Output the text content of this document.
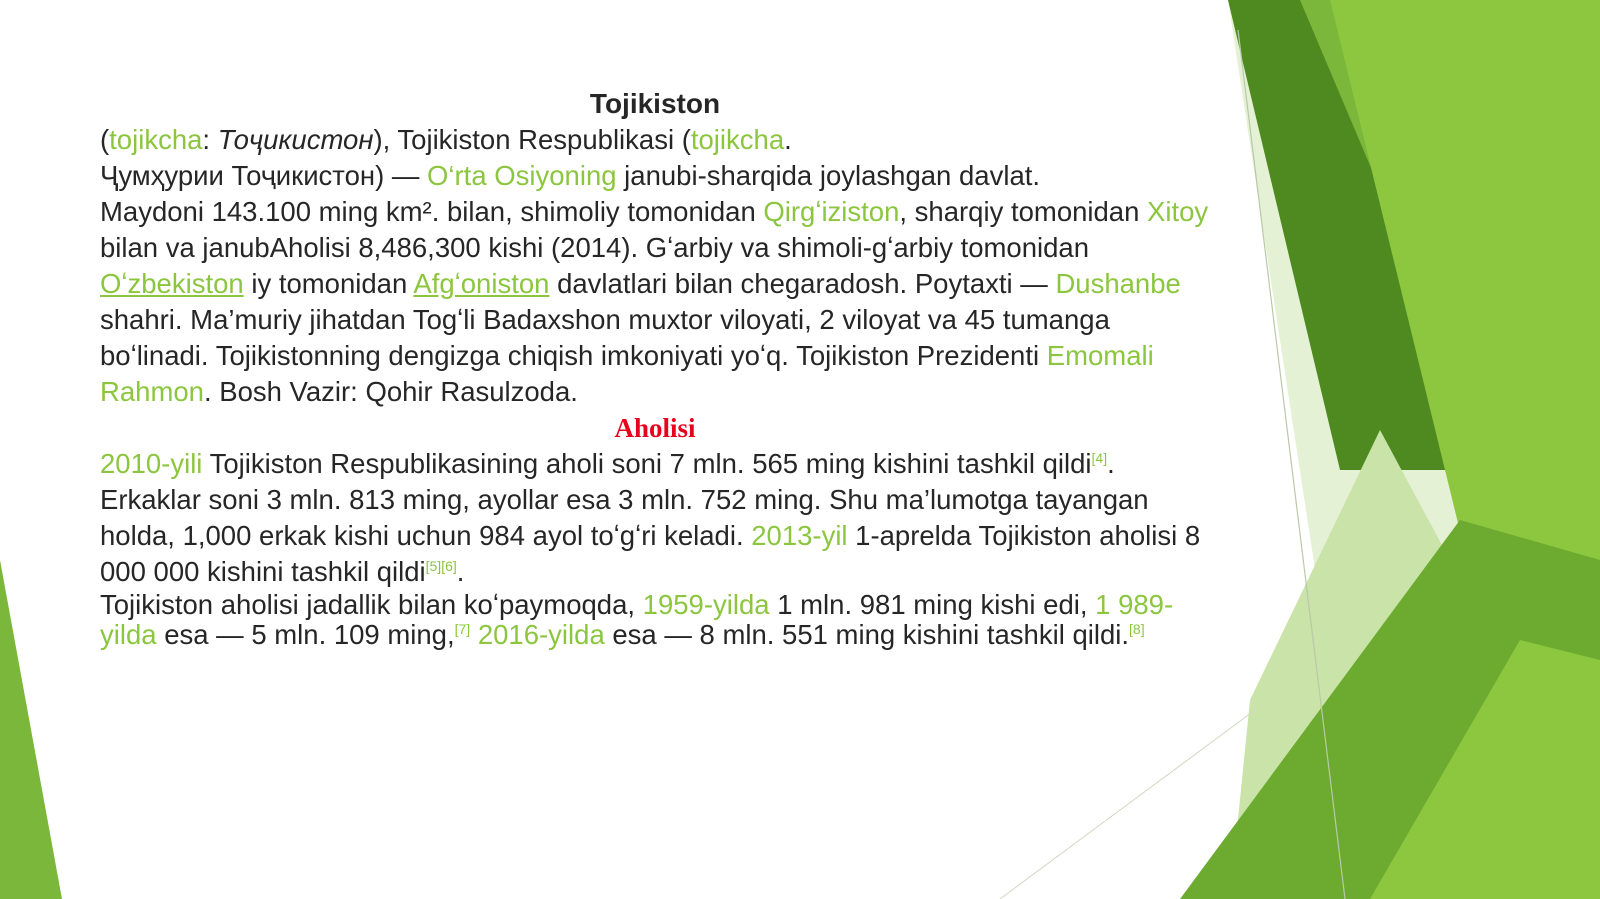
Tojikiston

(tojikcha: Тоҷикистон), Tojikiston Respublikasi (tojikcha.
Ҷумҳурии Тоҷикистон) — O‘rta Osiyoning janubi-sharqida joylashgan davlat.
Maydoni 143.100 ming km². bilan, shimoliy tomonidan Qirgʻiziston, sharqiy tomonidan Xitoy bilan va janubAholisi 8,486,300 kishi (2014). Gʻarbiy va shimoli-gʻarbiy tomonidan Oʻzbekiston iy tomonidan Afgʻoniston davlatlari bilan chegaradosh. Poytaxti — Dushanbe shahri. Ma’muriy jihatdan Togʻli Badaxshon muxtor viloyati, 2 viloyat va 45 tumanga boʻlinadi. Tojikistonning dengizga chiqish imkoniyati yoʻq. Tojikiston Prezidenti Emomali Rahmon. Bosh Vazir: Qohir Rasulzoda.

Aholisi

2010-yili Tojikiston Respublikasining aholi soni 7 mln. 565 ming kishini tashkil qildi[4]. Erkaklar soni 3 mln. 813 ming, ayollar esa 3 mln. 752 ming. Shu ma’lumotga tayangan holda, 1,000 erkak kishi uchun 984 ayol toʻgʻri keladi. 2013-yil 1-aprelda Tojikiston aholisi 8 000 000 kishini tashkil qildi[5][6].

Tojikiston aholisi jadallik bilan koʻpaymoqda, 1959-yilda 1 mln. 981 ming kishi edi, 1 989-yilda esa — 5 mln. 109 ming,[7] 2016-yilda esa — 8 mln. 551 ming kishini tashkil qildi.[8]
